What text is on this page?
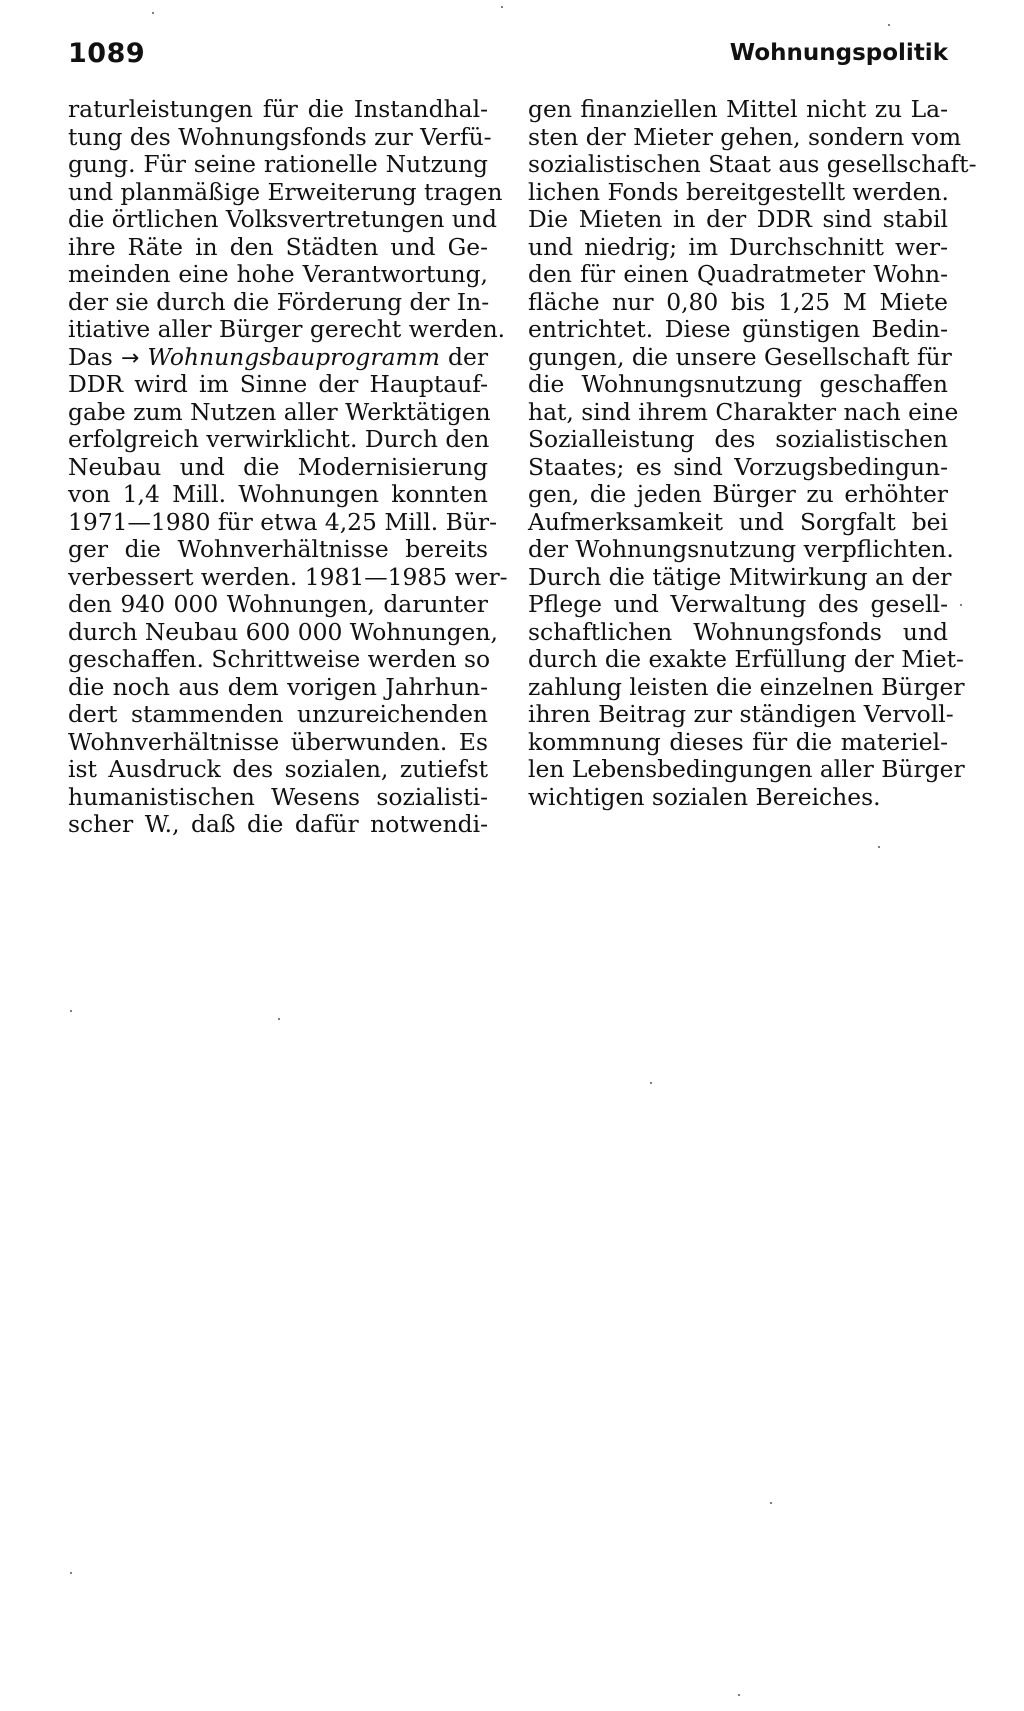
1089	Wohnungspolitik
raturleistungen für die Instandhal-
tung des Wohnungsfonds zur Verfü-
gung. Für seine rationelle Nutzung
und planmäßige Erweiterung tragen
die örtlichen Volksvertretungen und
ihre Räte in den Städten und Ge-
meinden eine hohe Verantwortung,
der sie durch die Förderung der In-
itiative aller Bürger gerecht werden.
Das → Wohnungsbauprogramm der
DDR wird im Sinne der Hauptauf-
gabe zum Nutzen aller Werktätigen
erfolgreich verwirklicht. Durch den
Neubau und die Modernisierung
von 1,4 Mill. Wohnungen konnten
1971—1980 für etwa 4,25 Mill. Bür-
ger die Wohnverhältnisse bereits
verbessert werden. 1981—1985 wer-
den 940 000 Wohnungen, darunter
durch Neubau 600 000 Wohnungen,
geschaffen. Schrittweise werden so
die noch aus dem vorigen Jahrhun-
dert stammenden unzureichenden
Wohnverhältnisse überwunden. Es
ist Ausdruck des sozialen, zutiefst
humanistischen Wesens sozialisti-
scher W., daß die dafür notwendi-
gen finanziellen Mittel nicht zu La-
sten der Mieter gehen, sondern vom
sozialistischen Staat aus gesellschaft-
lichen Fonds bereitgestellt werden.
Die Mieten in der DDR sind stabil
und niedrig; im Durchschnitt wer-
den für einen Quadratmeter Wohn-
fläche nur 0,80 bis 1,25 M Miete
entrichtet. Diese günstigen Bedin-
gungen, die unsere Gesellschaft für
die Wohnungsnutzung geschaffen
hat, sind ihrem Charakter nach eine
Sozialleistung des sozialistischen
Staates; es sind Vorzugsbedingun-
gen, die jeden Bürger zu erhöhter
Aufmerksamkeit und Sorgfalt bei
der Wohnungsnutzung verpflichten.
Durch die tätige Mitwirkung an der
Pflege und Verwaltung des gesell-
schaftlichen Wohnungsfonds und
durch die exakte Erfüllung der Miet-
zahlung leisten die einzelnen Bürger
ihren Beitrag zur ständigen Vervoll-
kommnung dieses für die materiel-
len Lebensbedingungen aller Bürger
wichtigen sozialen Bereiches.
